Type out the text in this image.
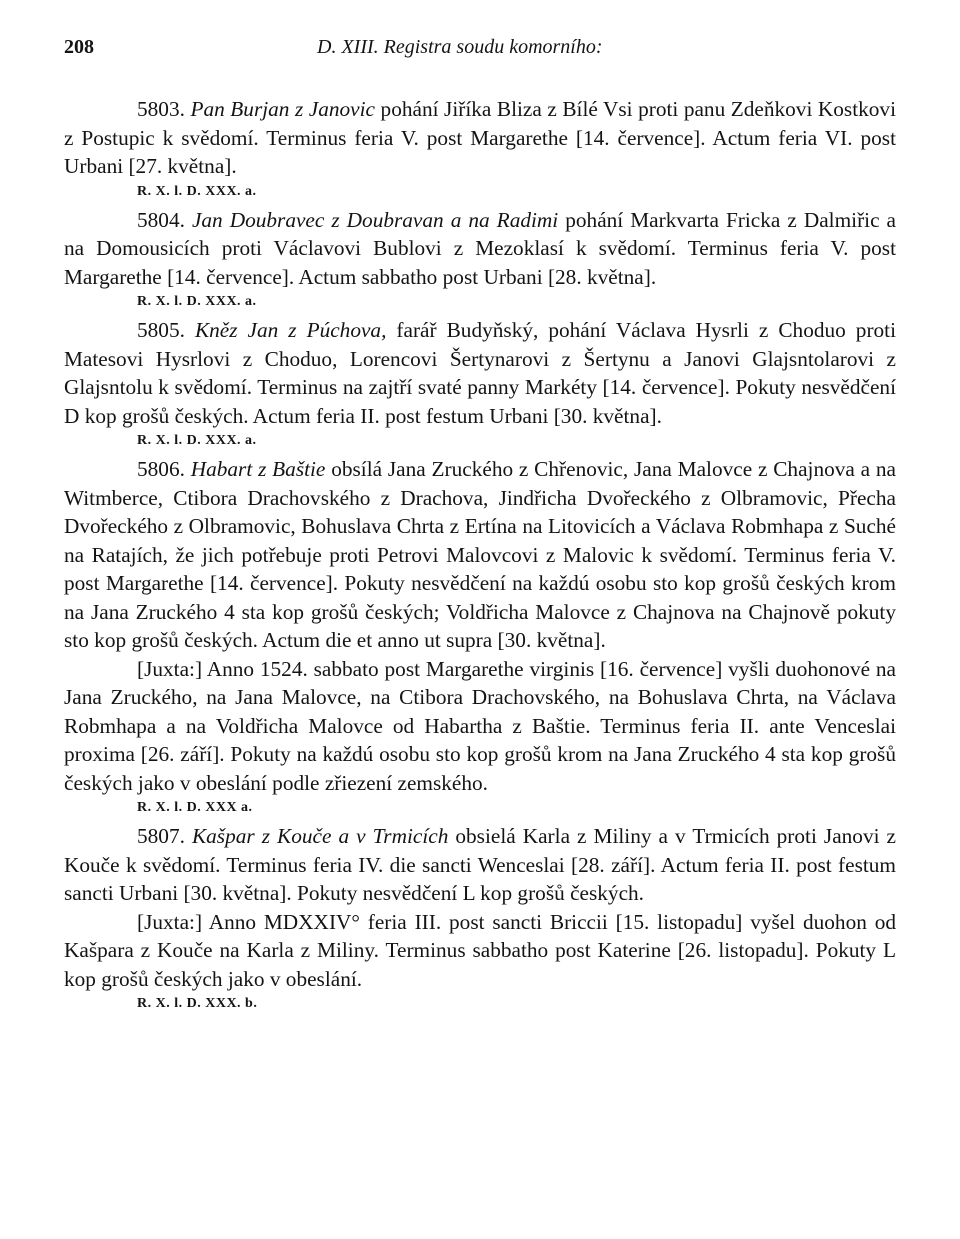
208	D. XIII. Registra soudu komorního:

5803. Pan Burjan z Janovic pohání Jiříka Bliza z Bílé Vsi proti panu Zdeňkovi Kostkovi z Postupic k svědomí. Terminus feria V. post Margarethe [14. července]. Actum feria VI. post Urbani [27. května].

R. X. l. D. XXX. a.

5804. Jan Doubravec z Doubravan a na Radimi pohání Markvarta Fricka z Dalmiřic a na Domousicích proti Václavovi Bublovi z Mezoklasí k svědomí. Terminus feria V. post Margarethe [14. července]. Actum sabbatho post Urbani [28. května].

R. X. l. D. XXX. a.

5805. Kněz Jan z Púchova, farář Budyňský, pohání Václava Hysrli z Choduo proti Matesovi Hysrlovi z Choduo, Lorencovi Šertynarovi z Šertynu a Janovi Glajsntolarovi z Glajsntolu k svědomí. Terminus na zajtří svaté panny Markéty [14. července]. Pokuty nesvědčení D kop grošů českých. Actum feria II. post festum Urbani [30. května].

R. X. l. D. XXX. a.

5806. Habart z Baštie obsílá Jana Zruckého z Chřenovic, Jana Malovce z Chajnova a na Witmberce, Ctibora Drachovského z Drachova, Jindřicha Dvořeckého z Olbramovic, Přecha Dvořeckého z Olbramovic, Bohuslava Chrta z Ertína na Litovicích a Václava Robmhapa z Suché na Ratajích, že jich potřebuje proti Petrovi Malovcovi z Malovic k svědomí. Terminus feria V. post Margarethe [14. července]. Pokuty nesvědčení na každú osobu sto kop grošů českých krom na Jana Zruckého 4 sta kop grošů českých; Voldřicha Malovce z Chajnova na Chajnově pokuty sto kop grošů českých. Actum die et anno ut supra [30. května].

[Juxta:] Anno 1524. sabbato post Margarethe virginis [16. července] vyšli duohonové na Jana Zruckého, na Jana Malovce, na Ctibora Drachovského, na Bohuslava Chrta, na Václava Robmhapa a na Voldřicha Malovce od Habartha z Baštie. Terminus feria II. ante Venceslai proxima [26. září]. Pokuty na každú osobu sto kop grošů krom na Jana Zruckého 4 sta kop grošů českých jako v obeslání podle zřiezení zemského.

R. X. l. D. XXX a.

5807. Kašpar z Kouče a v Trmicích obsielá Karla z Miliny a v Trmicích proti Janovi z Kouče k svědomí. Terminus feria IV. die sancti Wenceslai [28. září]. Actum feria II. post festum sancti Urbani [30. května]. Pokuty nesvědčení L kop grošů českých.

[Juxta:] Anno MDXXIV° feria III. post sancti Briccii [15. listopadu] vyšel duohon od Kašpara z Kouče na Karla z Miliny. Terminus sabbatho post Katerine [26. listopadu]. Pokuty L kop grošů českých jako v obeslání.

R. X. l. D. XXX. b.
